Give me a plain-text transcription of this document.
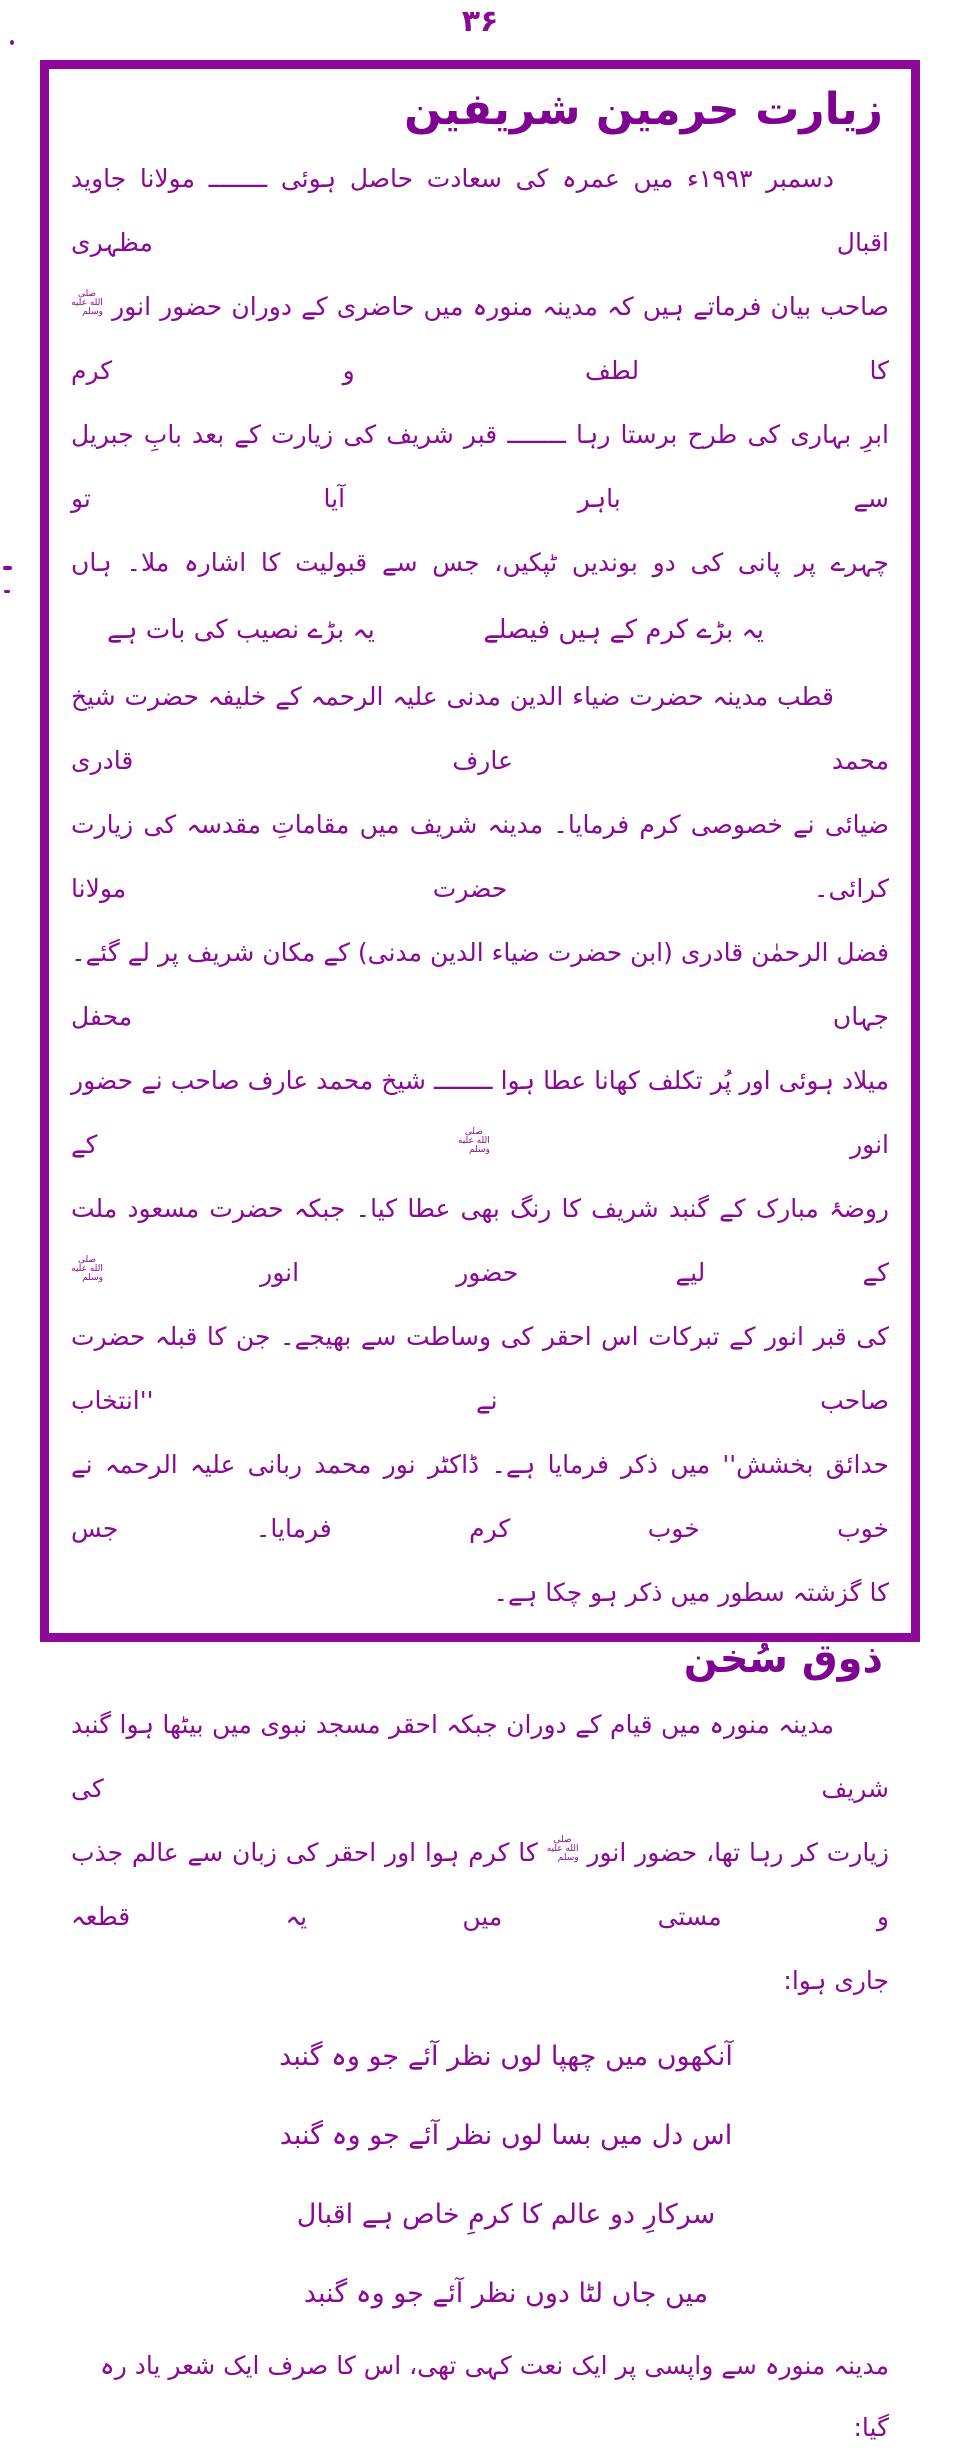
۳۶
زیارت حرمین شریفین
دسمبر ۱۹۹۳ء میں عمرہ کی سعادت حاصل ہوئی ــــــــ مولانا جاوید اقبال مظہری
صاحب بیان فرماتے ہیں کہ مدینہ منورہ میں حاضری کے دوران حضور انور صلى الله عليه وسلم کا لطف و کرم
ابرِ بہاری کی طرح برستا رہا ــــــــ قبر شریف کی زیارت کے بعد بابِ جبریل سے باہر آیا تو
چہرے پر پانی کی دو بوندیں ٹپکیں، جس سے قبولیت کا اشارہ ملا۔ ہاں
یہ بڑے کرم کے ہیں فیصلے
یہ بڑے نصیب کی بات ہے
قطب مدینہ حضرت ضیاء الدین مدنی علیہ الرحمہ کے خلیفہ حضرت شیخ محمد عارف قادری
ضیائی نے خصوصی کرم فرمایا۔ مدینہ شریف میں مقاماتِ مقدسہ کی زیارت کرائی۔ حضرت مولانا
فضل الرحمٰن قادری (ابن حضرت ضیاء الدین مدنی) کے مکان شریف پر لے گئے۔ جہاں محفل
میلاد ہوئی اور پُر تکلف کھانا عطا ہوا ــــــــ شیخ محمد عارف صاحب نے حضور انور صلى الله عليه وسلم کے
روضۂ مبارک کے گنبد شریف کا رنگ بھی عطا کیا۔ جبکہ حضرت مسعود ملت کے لیے حضور انور صلى الله عليه وسلم
کی قبر انور کے تبرکات اس احقر کی وساطت سے بھیجے۔ جن کا قبلہ حضرت صاحب نے ''انتخاب
حدائق بخشش'' میں ذکر فرمایا ہے۔ ڈاکٹر نور محمد ربانی علیہ الرحمہ نے خوب خوب کرم فرمایا۔ جس
کا گزشتہ سطور میں ذکر ہو چکا ہے۔
ذوق سُخن
مدینہ منورہ میں قیام کے دوران جبکہ احقر مسجد نبوی میں بیٹھا ہوا گنبد شریف کی
زیارت کر رہا تھا، حضور انور صلى الله عليه وسلم کا کرم ہوا اور احقر کی زبان سے عالم جذب و مستی میں یہ قطعہ
جاری ہوا:
آنکھوں میں چھپا لوں نظر آئے جو وہ گنبد
اس دل میں بسا لوں نظر آئے جو وہ گنبد
سرکارِ دو عالم کا کرمِ خاص ہے اقبال
میں جاں لٹا دوں نظر آئے جو وہ گنبد
مدینہ منورہ سے واپسی پر ایک نعت کہی تھی، اس کا صرف ایک شعر یاد رہ گیا:
